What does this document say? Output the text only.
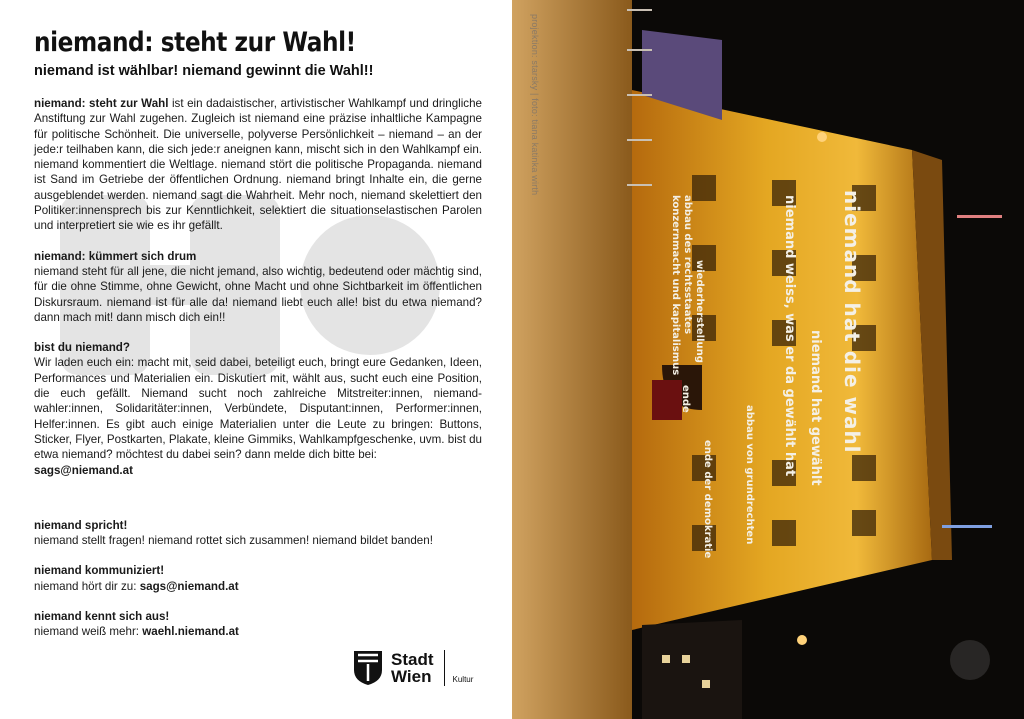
niemand: steht zur Wahl!
niemand ist wählbar! niemand gewinnt die Wahl!!

niemand: steht zur Wahl ist ein dadaistischer, artivistischer Wahlkampf und dringliche Anstiftung zur Wahl zugehen. Zugleich ist niemand eine präzise inhaltliche Kampagne für politische Schönheit. Die universelle, polyverse Persönlichkeit – niemand – an der jede:r teilhaben kann, die sich jede:r aneignen kann, mischt sich in den Wahlkampf ein. niemand kommentiert die Weltlage. niemand stört die politische Propaganda. niemand ist Sand im Getriebe der öffentlichen Ordnung. niemand bringt Inhalte ein, die gerne ausgeblendet werden. niemand sagt die Wahrheit. Mehr noch, niemand skelettiert den Politiker:innensprech bis zur Kenntlichkeit, selektiert die situationselastischen Parolen und interpretiert sie wie es ihr gefällt.

niemand: kümmert sich drum

niemand steht für all jene, die nicht jemand, also wichtig, bedeutend oder mächtig sind, für die ohne Stimme, ohne Gewicht, ohne Macht und ohne Sichtbarkeit im öffentlichen Diskursraum. niemand ist für alle da! niemand liebt euch alle! bist du etwa niemand? dann mach mit! dann misch dich ein!!

bist du niemand?

Wir laden euch ein: macht mit, seid dabei, beteiligt euch, bringt eure Gedanken, Ideen, Performances und Materialien ein. Diskutiert mit, wählt aus, sucht euch eine Position, die euch gefällt. Niemand sucht noch zahlreiche Mitstreiter:innen, niemand-wahler:innen, Solidaritäter:innen, Verbündete, Disputant:innen, Performer:innen, Helfer:innen. Es gibt auch einige Materialien unter die Leute zu bringen: Buttons, Sticker, Flyer, Postkarten, Plakate, kleine Gimmiks, Wahlkampfgeschenke, uvm. bist du etwa niemand? möchtest du dabei sein? dann melde dich bitte bei:
sags@niemand.at

niemand spricht!

niemand stellt fragen! niemand rottet sich zusammen! niemand bildet banden!

niemand kommuniziert!

niemand hört dir zu: sags@niemand.at

niemand kennt sich aus!

niemand weiß mehr: waehl.niemand.at

Stadt
Wien	Kultur
niemand hat die wahl
niemand hat gewählt
niemand weiss, was er da gewählt hat
abbau von grundrechten
ende der demokratie
wiederherstellung
abbau des rechtsstaates
konzernmacht und kapitalismus
ende
projektion: starsky | foto: tiana katinka wirth
